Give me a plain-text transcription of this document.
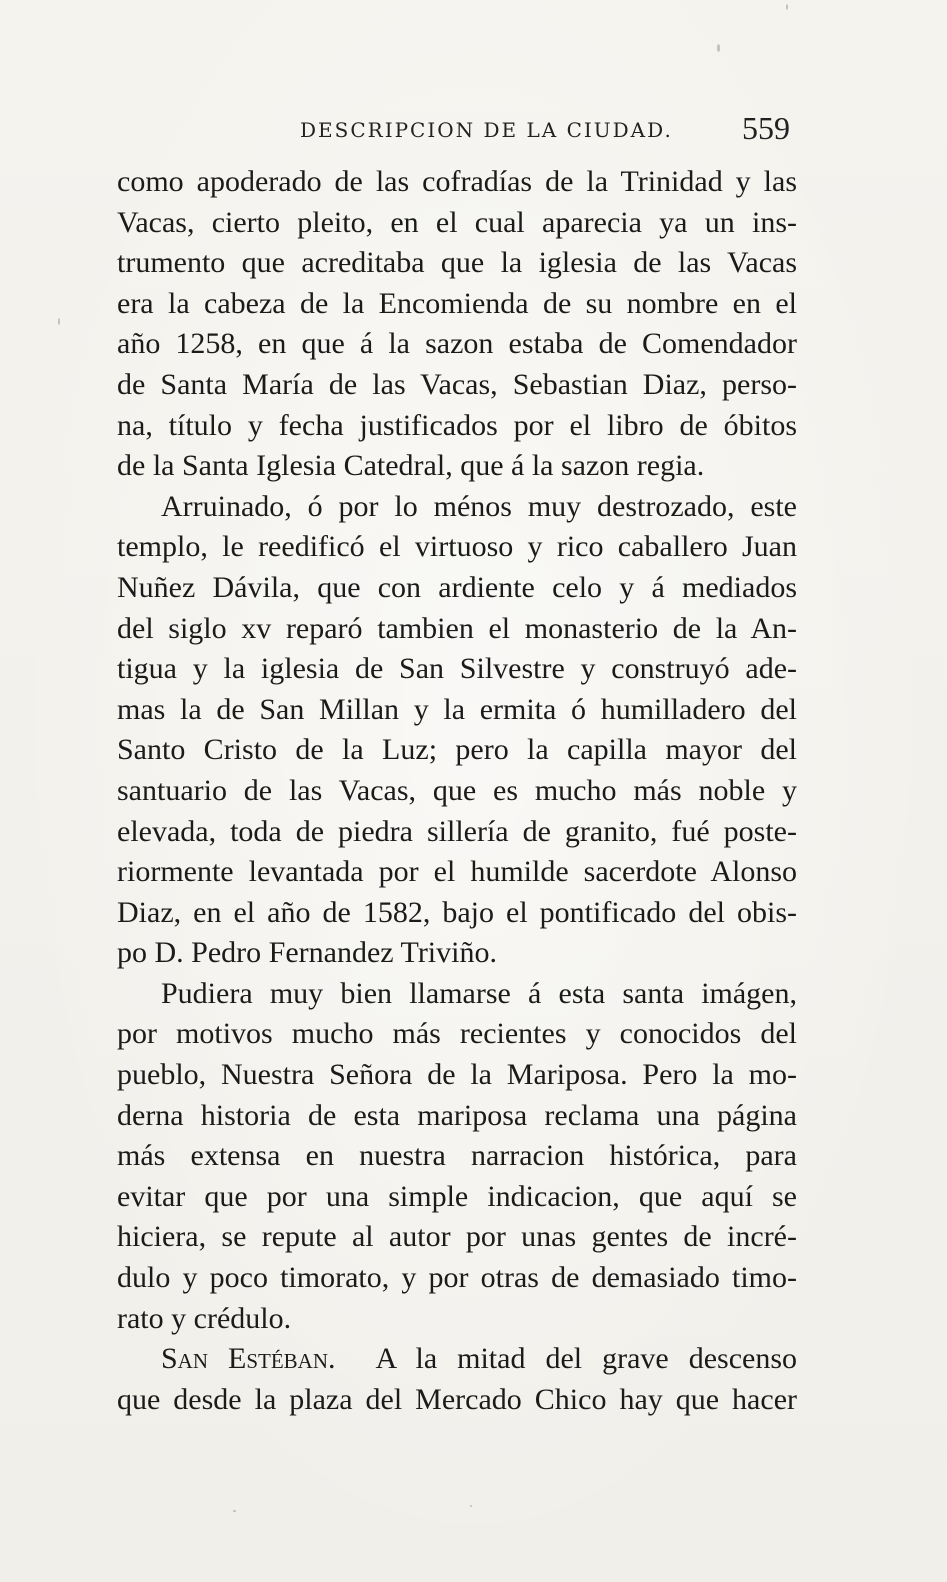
DESCRIPCION DE LA CIUDAD. 559
como apoderado de las cofradías de la Trinidad y las
Vacas, cierto pleito, en el cual aparecia ya un ins-
trumento que acreditaba que la iglesia de las Vacas
era la cabeza de la Encomienda de su nombre en el
año 1258, en que á la sazon estaba de Comendador
de Santa María de las Vacas, Sebastian Diaz, perso-
na, título y fecha justificados por el libro de óbitos
de la Santa Iglesia Catedral, que á la sazon regia.
Arruinado, ó por lo ménos muy destrozado, este
templo, le reedificó el virtuoso y rico caballero Juan
Nuñez Dávila, que con ardiente celo y á mediados
del siglo xv reparó tambien el monasterio de la An-
tigua y la iglesia de San Silvestre y construyó ade-
mas la de San Millan y la ermita ó humilladero del
Santo Cristo de la Luz; pero la capilla mayor del
santuario de las Vacas, que es mucho más noble y
elevada, toda de piedra sillería de granito, fué poste-
riormente levantada por el humilde sacerdote Alonso
Diaz, en el año de 1582, bajo el pontificado del obis-
po D. Pedro Fernandez Triviño.
Pudiera muy bien llamarse á esta santa imágen,
por motivos mucho más recientes y conocidos del
pueblo, Nuestra Señora de la Mariposa. Pero la mo-
derna historia de esta mariposa reclama una página
más extensa en nuestra narracion histórica, para
evitar que por una simple indicacion, que aquí se
hiciera, se repute al autor por unas gentes de incré-
dulo y poco timorato, y por otras de demasiado timo-
rato y crédulo.
San Estéban. A la mitad del grave descenso
que desde la plaza del Mercado Chico hay que hacer
